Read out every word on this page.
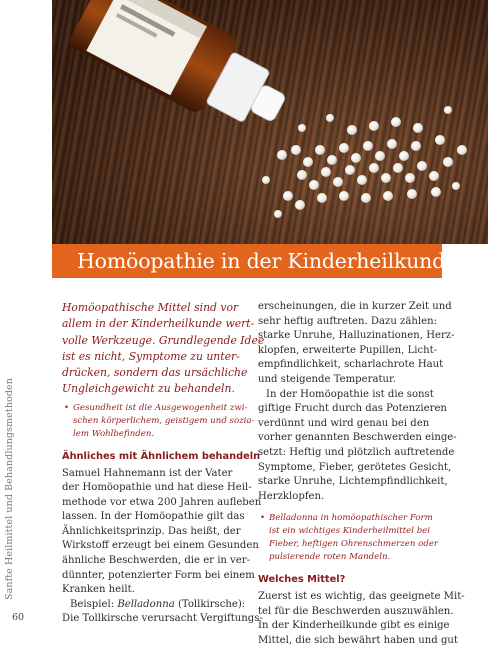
Homöopathie in der Kinderheilkunde
Sanfte Heilmittel und Behandlungsmethoden
60
Homöopathische Mittel sind vor
allem in der Kinderheilkunde wert-
volle Werkzeuge. Grundlegende Idee
ist es nicht, Symptome zu unter-
drücken, sondern das ursächliche
Ungleichgewicht zu behandeln.
• Gesundheit ist die Ausgewogenheit zwi-
schen körperlichem, geistigem und sozia-
lem Wohlbefinden.
Ähnliches mit Ähnlichem behandeln
Samuel Hahnemann ist der Vater
der Homöopathie und hat diese Heil-
methode vor etwa 200 Jahren aufleben
lassen. In der Homöopathie gilt das
Ähnlichkeitsprinzip. Das heißt, der
Wirkstoff erzeugt bei einem Gesunden
ähnliche Beschwerden, die er in ver-
dünnter, potenzierter Form bei einem
Kranken heilt.
Beispiel: Belladonna (Tollkirsche):
Die Tollkirsche verursacht Vergiftungs-
erscheinungen, die in kurzer Zeit und
sehr heftig auftreten. Dazu zählen:
starke Unruhe, Halluzinationen, Herz-
klopfen, erweiterte Pupillen, Licht-
empfindlichkeit, scharlachrote Haut
und steigende Temperatur.
In der Homöopathie ist die sonst
giftige Frucht durch das Potenzieren
verdünnt und wird genau bei den
vorher genannten Beschwerden einge-
setzt: Heftig und plötzlich auftretende
Symptome, Fieber, gerötetes Gesicht,
starke Unruhe, Lichtempfindlichkeit,
Herzklopfen.
• Belladonna in homöopathischer Form
ist ein wichtiges Kinderheilmittel bei
Fieber, heftigen Ohrenschmerzen oder
pulsierende roten Mandeln.
Welches Mittel?
Zuerst ist es wichtig, das geeignete Mit-
tel für die Beschwerden auszuwählen.
In der Kinderheilkunde gibt es einige
Mittel, die sich bewährt haben und gut
